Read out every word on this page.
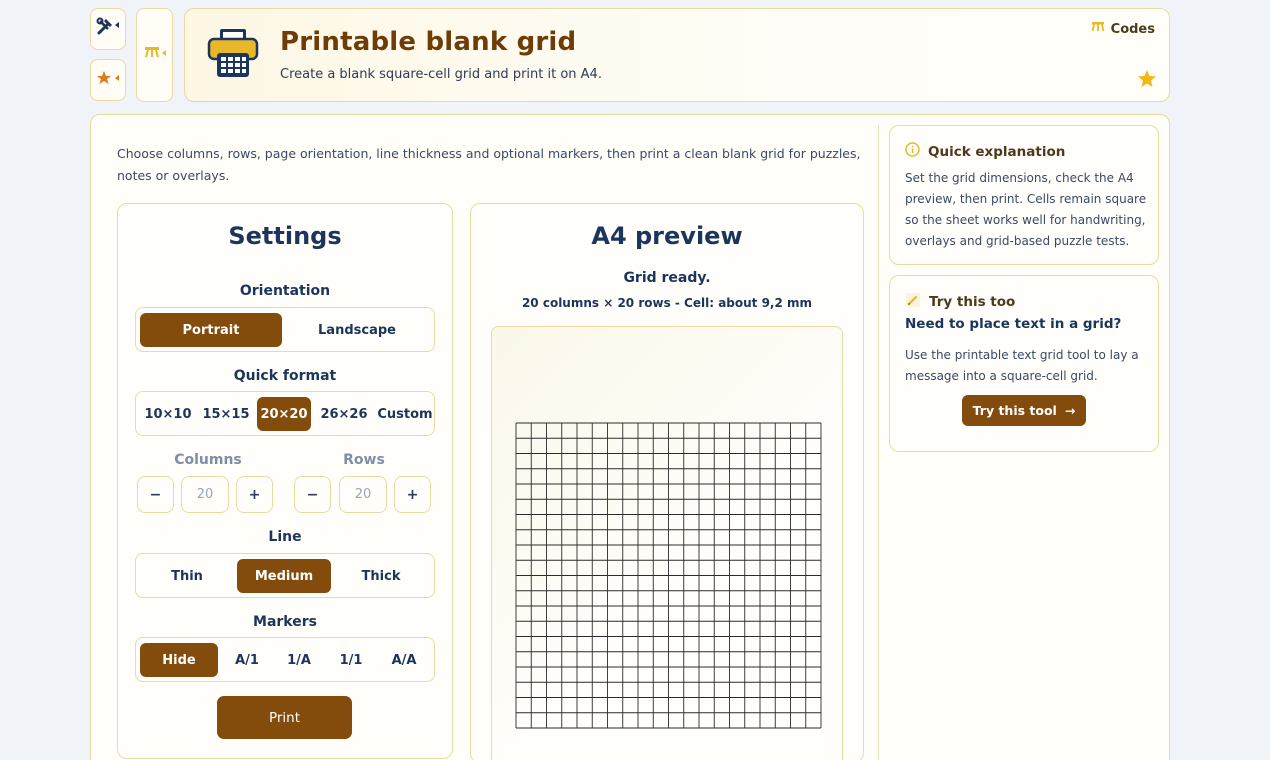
Printable blank grid
Create a blank square-cell grid and print it on A4.
Codes
Choose columns, rows, page orientation, line thickness and optional markers, then print a clean blank grid for puzzles, notes or overlays.
Settings
Orientation
Portrait	Landscape
Quick format
10×10 15×15 20×20 26×26 Custom
Columns	Rows
−	20	+	−	20	+
Line
Thin	Medium	Thick
Markers
Hide	A/1	1/A	1/1	A/A
Print
A4 preview
Grid ready.
20 columns × 20 rows - Cell: about 9,2 mm
Quick explanation
Set the grid dimensions, check the A4 preview, then print. Cells remain square so the sheet works well for handwriting, overlays and grid-based puzzle tests.
Try this too
Need to place text in a grid?
Use the printable text grid tool to lay a message into a square-cell grid.
Try this tool →
